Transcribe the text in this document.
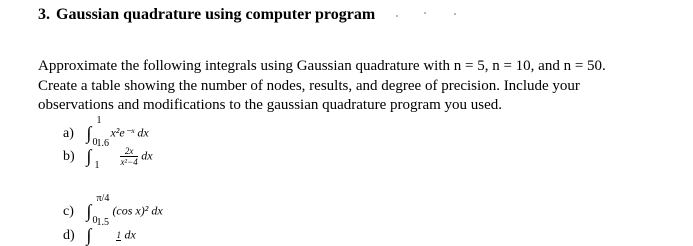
3. Gaussian quadrature using computer program
Approximate the following integrals using Gaussian quadrature with n = 5, n = 10, and n = 50.
Create a table showing the number of nodes, results, and degree of precision. Include your
observations and modifications to the gaussian quadrature program you used.
a) ∫
1
0
x²e⁻ˣ dx
b) ∫
1.6
$1 \frac{2x}{\text{x²−4}}$ dx
c) ∫
π/4
0
(cos x)² dx
d) ∫
1.5
1 dx
